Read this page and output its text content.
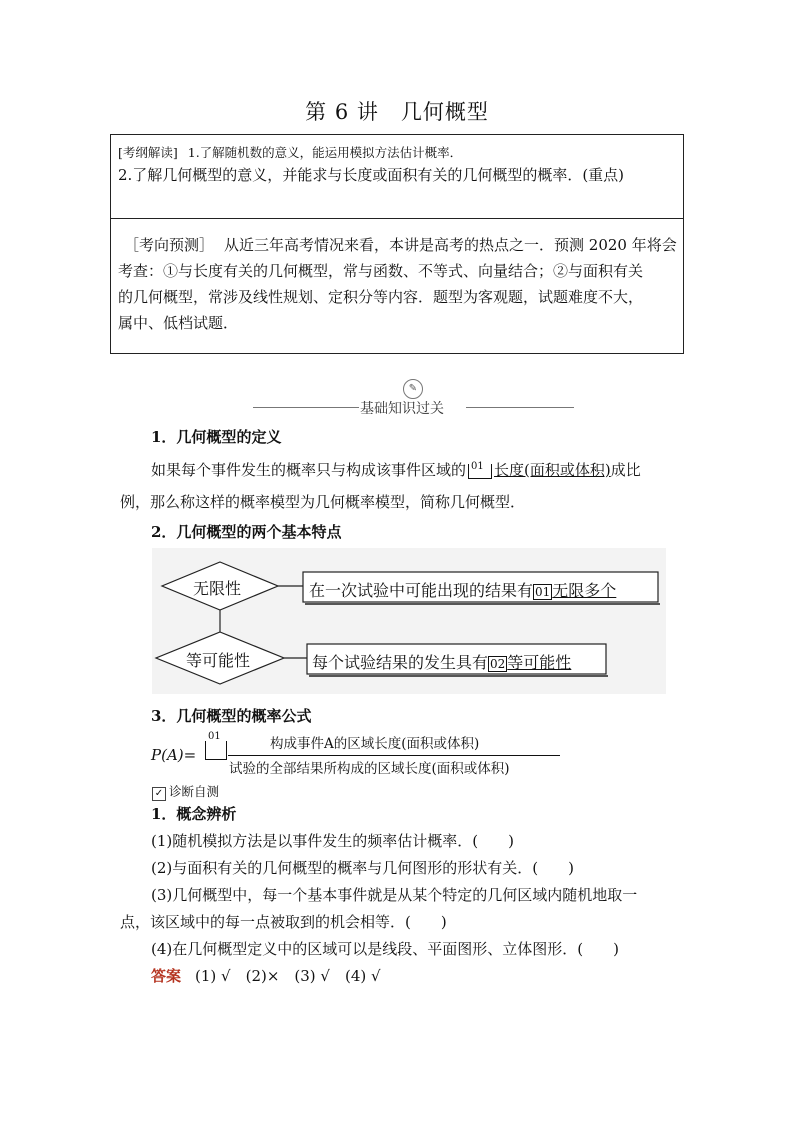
第 6 讲　几何概型
[考纲解读] 1.了解随机数的意义，能运用模拟方法估计概率．
2.了解几何概型的意义，并能求与长度或面积有关的几何概型的概率．(重点)
［考向预测］ 从近三年高考情况来看，本讲是高考的热点之一．预测 2020 年将会
考查：①与长度有关的几何概型，常与函数、不等式、向量结合；②与面积有关
的几何概型，常涉及线性规划、定积分等内容．题型为客观题，试题难度不大，
属中、低档试题．
✎
基础知识过关
1．几何概型的定义
如果每个事件发生的概率只与构成该事件区域的 01 长度(面积或体积)成比
例，那么称这样的概率模型为几何概率模型，简称几何概型．
2．几何概型的两个基本特点
无限性	在一次试验中可能出现的结果有 01 无限多个
等可能性	每个试验结果的发生具有 02 等可能性
3．几何概型的概率公式
P(A)=
01	构成事件A的区域长度(面积或体积)
试验的全部结果所构成的区域长度(面积或体积)
✓ 诊断自测
1．概念辨析
(1)随机模拟方法是以事件发生的频率估计概率．(　　)
(2)与面积有关的几何概型的概率与几何图形的形状有关．(　　)
(3)几何概型中，每一个基本事件就是从某个特定的几何区域内随机地取一
点，该区域中的每一点被取到的机会相等．(　　)
(4)在几何概型定义中的区域可以是线段、平面图形、立体图形．(　　)
答案 (1) √　(2)×　(3) √　(4) √
